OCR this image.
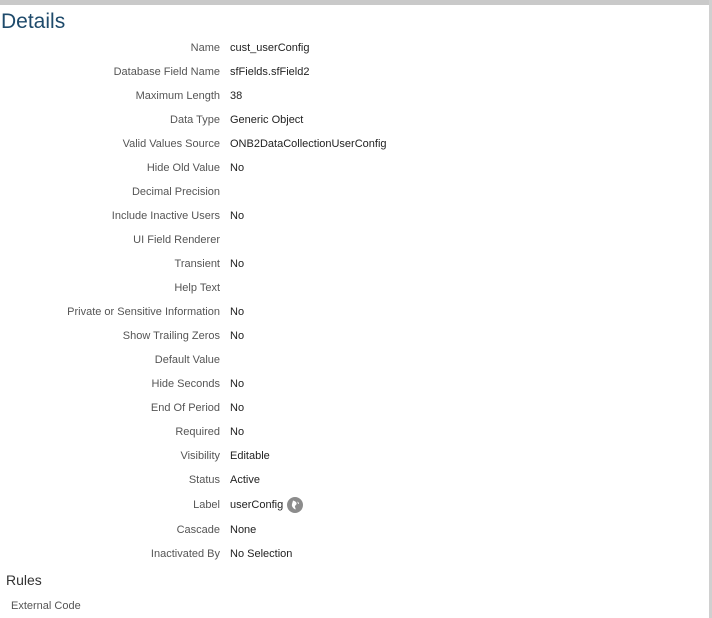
Details
Name cust_userConfig
Database Field Name sfFields.sfField2
Maximum Length 38
Data Type Generic Object
Valid Values Source ONB2DataCollectionUserConfig
Hide Old Value No
Decimal Precision
Include Inactive Users No
UI Field Renderer
Transient No
Help Text
Private or Sensitive Information No
Show Trailing Zeros No
Default Value
Hide Seconds No
End Of Period No
Required No
Visibility Editable
Status Active
Label userConfig
Cascade None
Inactivated By No Selection
Rules
External Code
